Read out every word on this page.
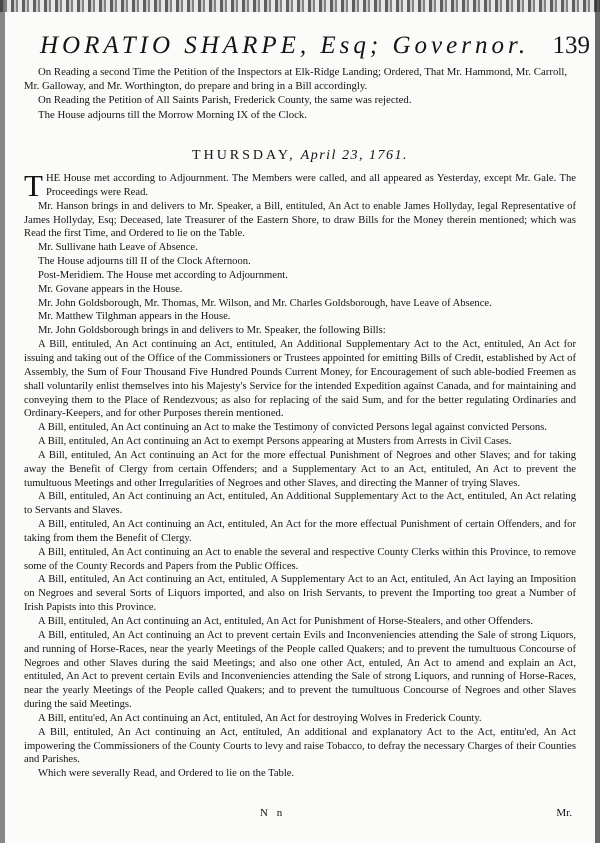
HORATIO SHARPE, Esq; Governor. 139

On Reading a second Time the Petition of the Inspectors at Elk-Ridge Landing; Ordered, That Mr. Hammond, Mr. Carroll, Mr. Galloway, and Mr. Worthington, do prepare and bring in a Bill accordingly.

On Reading the Petition of All Saints Parish, Frederick County, the same was rejected.

The House adjourns till the Morrow Morning IX of the Clock.

THURSDAY, April 23, 1761.

THE House met according to Adjournment. The Members were called, and all appeared as Yesterday, except Mr. Gale. The Proceedings were Read.

Mr. Hanson brings in and delivers to Mr. Speaker, a Bill, entituled, An Act to enable James Hollyday, legal Representative of James Hollyday, Esq; Deceased, late Treasurer of the Eastern Shore, to draw Bills for the Money therein mentioned; which was Read the first Time, and Ordered to lie on the Table.

Mr. Sullivane hath Leave of Absence.

The House adjourns till II of the Clock Afternoon.

Post-Meridiem. The House met according to Adjournment.

Mr. Govane appears in the House.

Mr. John Goldsborough, Mr. Thomas, Mr. Wilson, and Mr. Charles Goldsborough, have Leave of Absence.

Mr. Matthew Tilghman appears in the House.

Mr. John Goldsborough brings in and delivers to Mr. Speaker, the following Bills:

A Bill, entituled, An Act continuing an Act, entituled, An Additional Supplementary Act to the Act, entituled, An Act for issuing and taking out of the Office of the Commissioners or Trustees appointed for emitting Bills of Credit, established by Act of Assembly, the Sum of Four Thousand Five Hundred Pounds Current Money, for Encouragement of such able-bodied Freemen as shall voluntarily enlist themselves into his Majesty's Service for the intended Expedition against Canada, and for maintaining and conveying them to the Place of Rendezvous; as also for replacing of the said Sum, and for the better regulating Ordinaries and Ordinary-Keepers, and for other Purposes therein mentioned.

A Bill, entituled, An Act continuing an Act to make the Testimony of convicted Persons legal against convicted Persons.

A Bill, entituled, An Act continuing an Act to exempt Persons appearing at Musters from Arrests in Civil Cases.

A Bill, entituled, An Act continuing an Act for the more effectual Punishment of Negroes and other Slaves; and for taking away the Benefit of Clergy from certain Offenders; and a Supplementary Act to an Act, entituled, An Act to prevent the tumultuous Meetings and other Irregularities of Negroes and other Slaves, and directing the Manner of trying Slaves.

A Bill, entituled, An Act continuing an Act, entituled, An Additional Supplementary Act to the Act, entituled, An Act relating to Servants and Slaves.

A Bill, entituled, An Act continuing an Act, entituled, An Act for the more effectual Punishment of certain Offenders, and for taking from them the Benefit of Clergy.

A Bill, entituled, An Act continuing an Act to enable the several and respective County Clerks within this Province, to remove some of the County Records and Papers from the Public Offices.

A Bill, entituled, An Act continuing an Act, entituled, A Supplementary Act to an Act, entituled, An Act laying an Imposition on Negroes and several Sorts of Liquors imported, and also on Irish Servants, to prevent the Importing too great a Number of Irish Papists into this Province.

A Bill, entituled, An Act continuing an Act, entituled, An Act for Punishment of Horse-Stealers, and other Offenders.

A Bill, entituled, An Act continuing an Act to prevent certain Evils and Inconveniencies attending the Sale of strong Liquors, and running of Horse-Races, near the yearly Meetings of the People called Quakers; and to prevent the tumultuous Concourse of Negroes and other Slaves during the said Meetings; and also one other Act, entuled, An Act to amend and explain an Act, entituled, An Act to prevent certain Evils and Inconveniencies attending the Sale of strong Liquors, and running of Horse-Races, near the yearly Meetings of the People called Quakers; and to prevent the tumultuous Concourse of Negroes and other Slaves during the said Meetings.

A Bill, entitu'ed, An Act continuing an Act, entituled, An Act for destroying Wolves in Frederick County.

A Bill, entituled, An Act continuing an Act, entituled, An additional and explanatory Act to the Act, entitu'ed, An Act impowering the Commissioners of the County Courts to levy and raise Tobacco, to defray the necessary Charges of their Counties and Parishes.

Which were severally Read, and Ordered to lie on the Table.

N n	Mr.
